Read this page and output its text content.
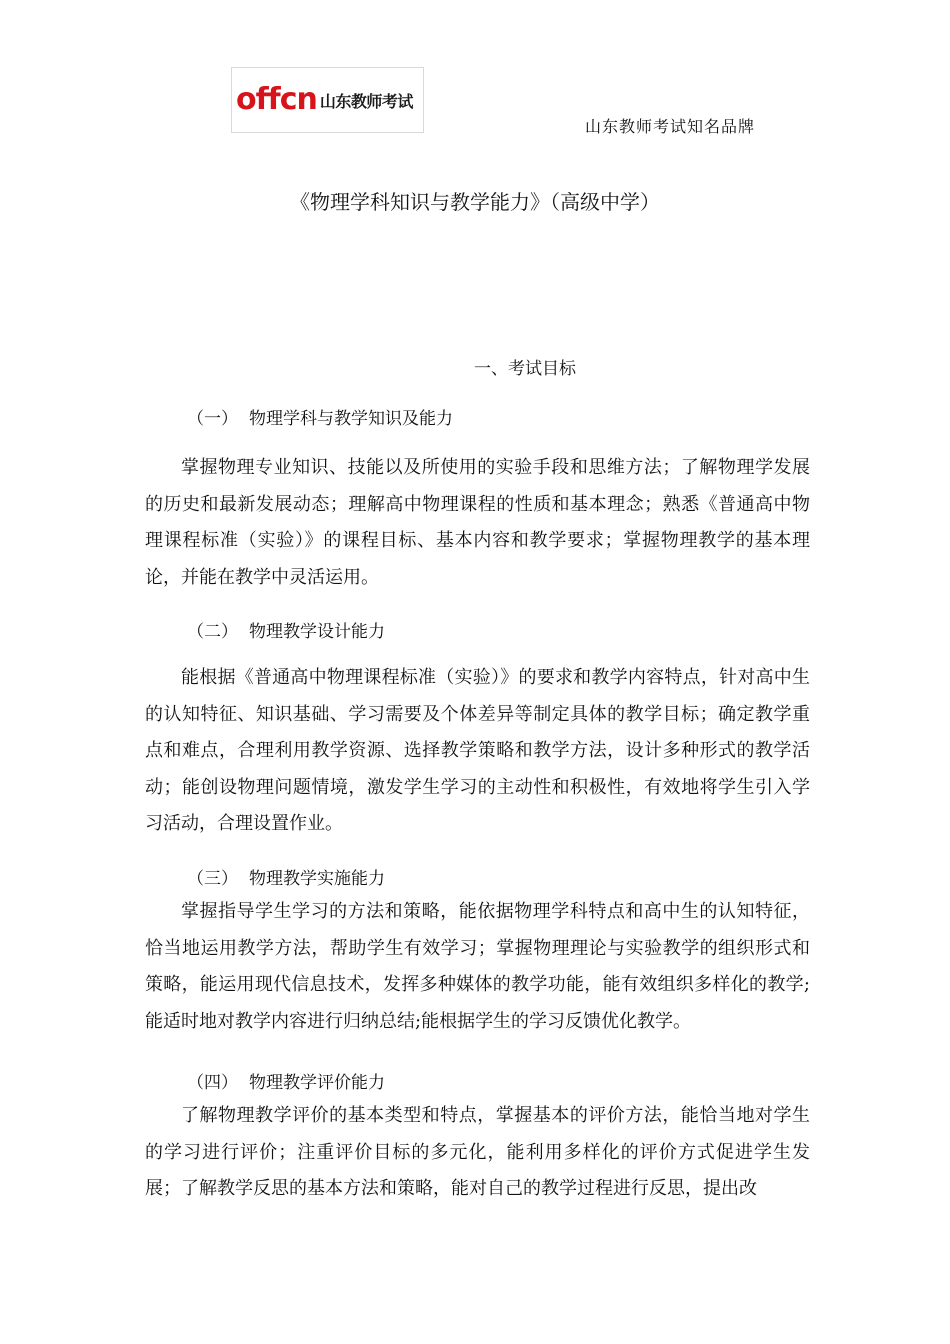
offcn 山东教师考试
山东教师考试知名品牌
《物理学科知识与教学能力》（高级中学）
一、考试目标
（一） 物理学科与教学知识及能力

掌握物理专业知识、技能以及所使用的实验手段和思维方法；了解物理学发展的历史和最新发展动态；理解高中物理课程的性质和基本理念；熟悉《普通高中物理课程标准（实验）》的课程目标、基本内容和教学要求；掌握物理教学的基本理论，并能在教学中灵活运用。

（二） 物理教学设计能力

能根据《普通高中物理课程标准（实验）》的要求和教学内容特点，针对高中生的认知特征、知识基础、学习需要及个体差异等制定具体的教学目标；确定教学重点和难点，合理利用教学资源、选择教学策略和教学方法，设计多种形式的教学活动；能创设物理问题情境，激发学生学习的主动性和积极性，有效地将学生引入学习活动，合理设置作业。

（三） 物理教学实施能力

掌握指导学生学习的方法和策略，能依据物理学科特点和高中生的认知特征，恰当地运用教学方法，帮助学生有效学习；掌握物理理论与实验教学的组织形式和策略，能运用现代信息技术，发挥多种媒体的教学功能，能有效组织多样化的教学;能适时地对教学内容进行归纳总结;能根据学生的学习反馈优化教学。

（四） 物理教学评价能力

了解物理教学评价的基本类型和特点，掌握基本的评价方法，能恰当地对学生的学习进行评价；注重评价目标的多元化，能利用多样化的评价方式促进学生发展；了解教学反思的基本方法和策略，能对自己的教学过程进行反思，提出改
